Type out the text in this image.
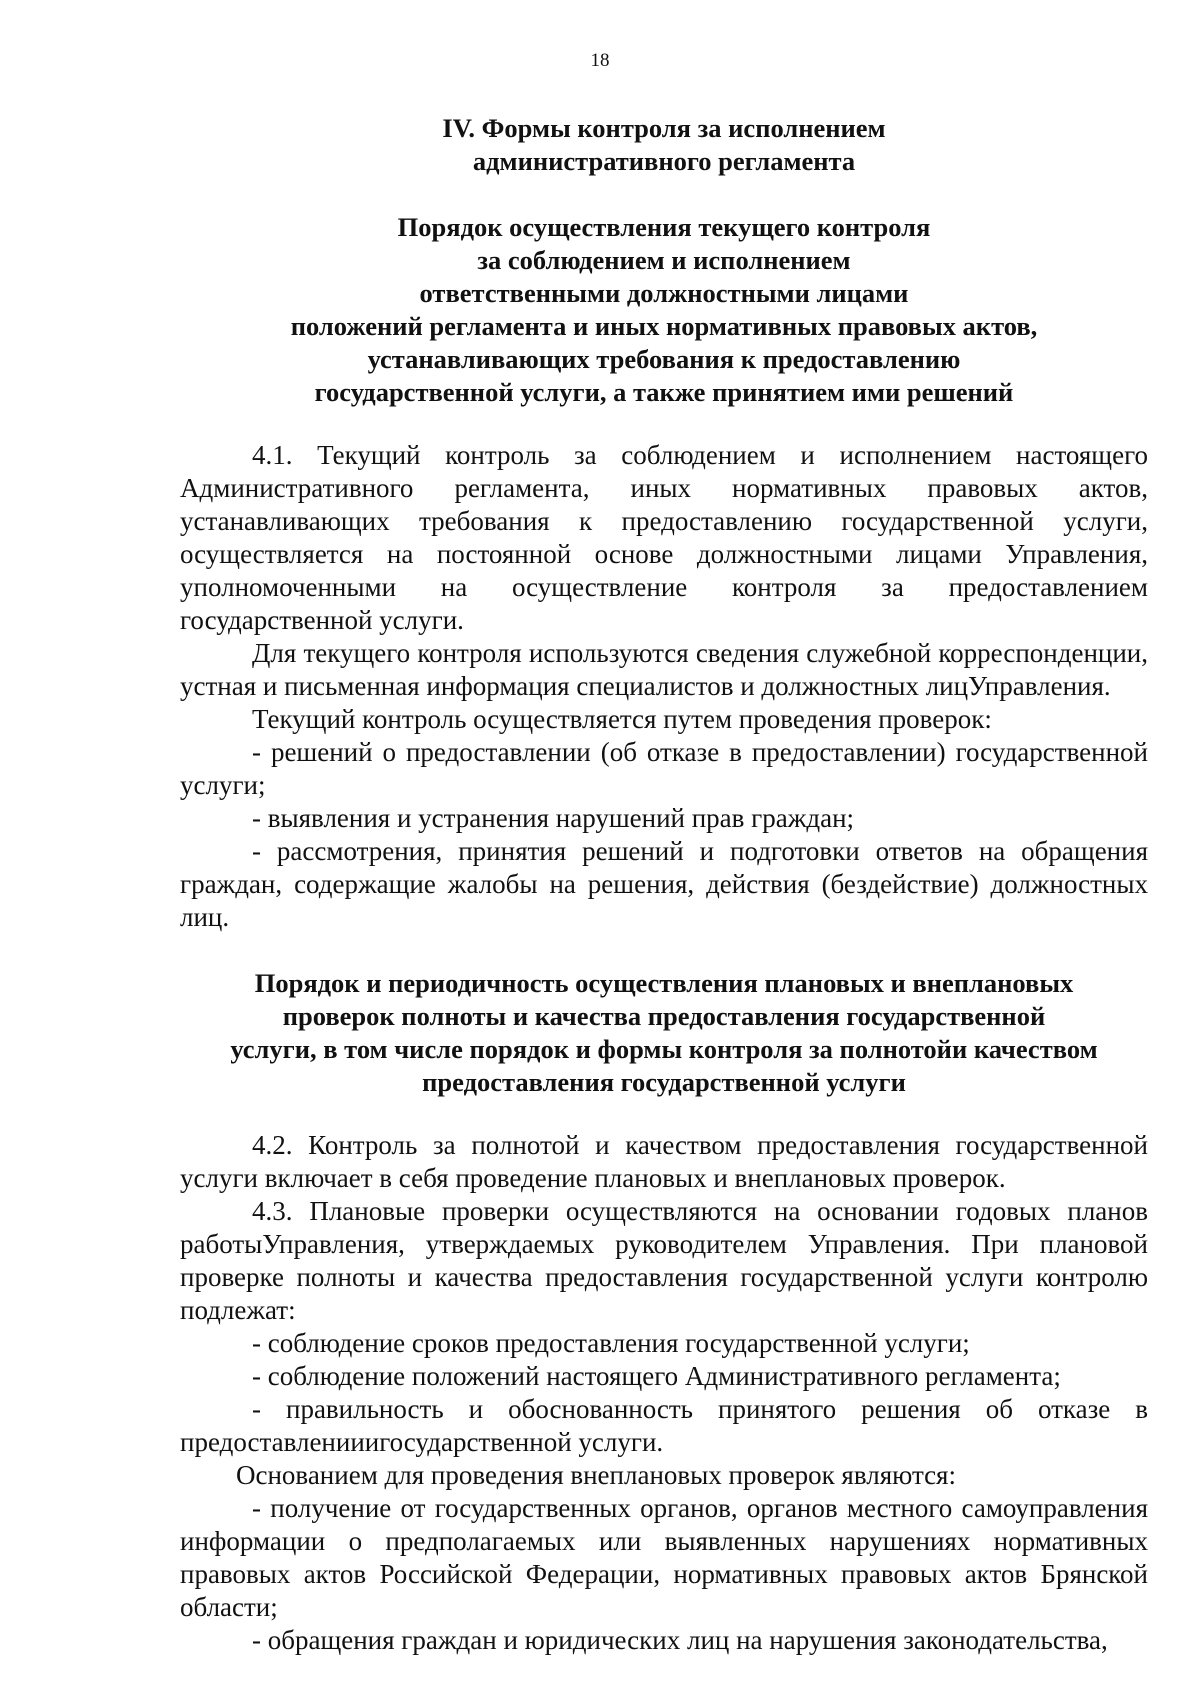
18
IV. Формы контроля за исполнением
административного регламента
Порядок осуществления текущего контроля
за соблюдением и исполнением
ответственными должностными лицами
положений регламента и иных нормативных правовых актов,
устанавливающих требования к предоставлению
государственной услуги, а также принятием ими решений

4.1. Текущий контроль за соблюдением и исполнением настоящего Административного регламента, иных нормативных правовых актов, устанавливающих требования к предоставлению государственной услуги, осуществляется на постоянной основе должностными лицами Управления, уполномоченными на осуществление контроля за предоставлением государственной услуги.

Для текущего контроля используются сведения служебной корреспонденции, устная и письменная информация специалистов и должностных лицУправления.

Текущий контроль осуществляется путем проведения проверок:

- решений о предоставлении (об отказе в предоставлении) государственной услуги;

- выявления и устранения нарушений прав граждан;

- рассмотрения, принятия решений и подготовки ответов на обращения граждан, содержащие жалобы на решения, действия (бездействие) должностных лиц.

Порядок и периодичность осуществления плановых и внеплановых
проверок полноты и качества предоставления государственной
услуги, в том числе порядок и формы контроля за полнотойи качеством
предоставления государственной услуги

4.2. Контроль за полнотой и качеством предоставления государственной услуги включает в себя проведение плановых и внеплановых проверок.

4.3. Плановые проверки осуществляются на основании годовых планов работыУправления, утверждаемых руководителем Управления. При плановой проверке полноты и качества предоставления государственной услуги контролю подлежат:

- соблюдение сроков предоставления государственной услуги;

- соблюдение положений настоящего Административного регламента;

- правильность и обоснованность принятого решения об отказе в предоставленииигосударственной услуги.

Основанием для проведения внеплановых проверок являются:

- получение от государственных органов, органов местного самоуправления информации о предполагаемых или выявленных нарушениях нормативных правовых актов Российской Федерации, нормативных правовых актов Брянской области;

- обращения граждан и юридических лиц на нарушения законодательства,
